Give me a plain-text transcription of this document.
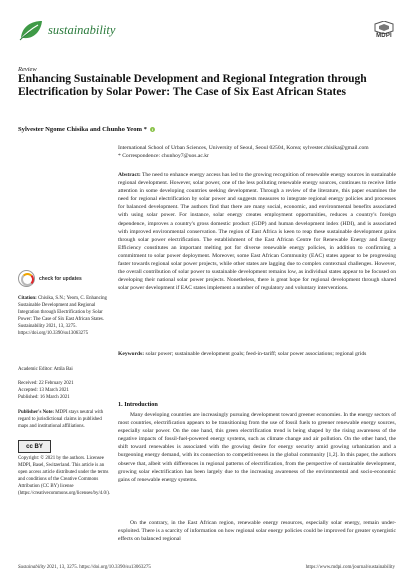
sustainability	MDPI
Review
Enhancing Sustainable Development and Regional Integration through Electrification by Solar Power: The Case of Six East African States
Sylvester Ngome Chisika and Chunho Yeom *	i
International School of Urban Sciences, University of Seoul, Seoul 02504, Korea; sylvester.chisika@gmail.com
* Correspondence: chunhoy7@uos.ac.kr
Abstract: The need to enhance energy access has led to the growing recognition of renewable energy sources in sustainable regional development. However, solar power, one of the less polluting renewable energy sources, continues to receive little attention in some developing countries seeking development. Through a review of the literature, this paper examines the need for regional electrification by solar power and suggests measures to integrate regional energy policies and processes for balanced development. The authors find that there are many social, economic, and environmental benefits associated with using solar power. For instance, solar energy creates employment opportunities, reduces a country's foreign dependence, improves a country's gross domestic product (GDP) and human development index (HDI), and is associated with improved environmental conservation. The region of East Africa is keen to reap these sustainable development gains through solar power electrification. The establishment of the East African Centre for Renewable Energy and Energy Efficiency constitutes an important melting pot for diverse renewable energy policies, in addition to confirming a commitment to solar power deployment. Moreover, some East African Community (EAC) states appear to be progressing faster towards regional solar power projects, while other states are lagging due to complex contextual challenges. However, the overall contribution of solar power to sustainable development remains low, as individual states appear to be focused on developing their national solar power projects. Nonetheless, there is great hope for regional development through shared solar power development if EAC states implement a number of regulatory and voluntary interventions.
Keywords: solar power; sustainable development goals; feed-in-tariff; solar power associations; regional grids
check for updates
Citation: Chisika, S.N.; Yeom, C. Enhancing Sustainable Development and Regional Integration through Electrification by Solar Power: The Case of Six East African States. Sustainability 2021, 13, 3275. https://doi.org/10.3390/su13063275
Academic Editor: Attila Bai
Received: 22 February 2021
Accepted: 13 March 2021
Published: 16 March 2021
Publisher's Note: MDPI stays neutral with regard to jurisdictional claims in published maps and institutional affiliations.
cc BY
Copyright: © 2021 by the authors. Licensee MDPI, Basel, Switzerland. This article is an open access article distributed under the terms and conditions of the Creative Commons Attribution (CC BY) license (https://creativecommons.org/licenses/by/4.0/).
1. Introduction
Many developing countries are increasingly pursuing development toward greener economies. In the energy sectors of most countries, electrification appears to be transitioning from the use of fossil fuels to greener renewable energy sources, especially solar power. On the one hand, this green electrification trend is being shaped by the rising awareness of the negative impacts of fossil-fuel-powered energy systems, such as climate change and air pollution. On the other hand, the shift toward renewables is associated with the growing desire for energy security amid growing urbanization and a burgeoning energy demand, with its connection to competitiveness in the global community [1,2]. In this paper, the authors observe that, albeit with differences in regional patterns of electrification, from the perspective of sustainable development, growing solar electrification has been largely due to the increasing awareness of the environmental and socio-economic gains of renewable energy systems.
On the contrary, in the East African region, renewable energy resources, especially solar energy, remain under-exploited. There is a scarcity of information on how regional solar energy policies could be improved for greater synergistic effects on balanced regional
Sustainability 2021, 13, 3275. https://doi.org/10.3390/su13063275	https://www.mdpi.com/journal/sustainability
